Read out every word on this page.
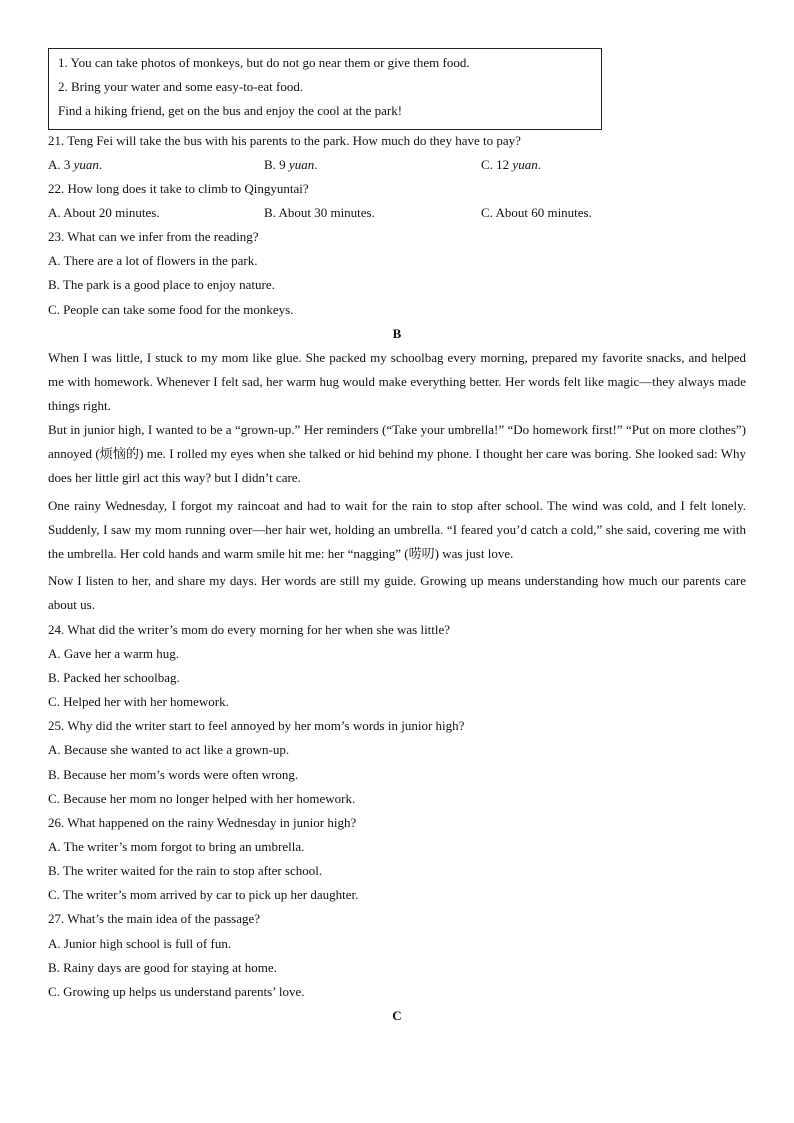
1. You can take photos of monkeys, but do not go near them or give them food.
2. Bring your water and some easy-to-eat food.
Find a hiking friend, get on the bus and enjoy the cool at the park!
21. Teng Fei will take the bus with his parents to the park. How much do they have to pay?
A. 3 yuan.	B. 9 yuan.	C. 12 yuan.
22. How long does it take to climb to Qingyuntai?
A. About 20 minutes.	B. About 30 minutes.	C. About 60 minutes.
23. What can we infer from the reading?
A. There are a lot of flowers in the park.
B. The park is a good place to enjoy nature.
C. People can take some food for the monkeys.
B
When I was little, I stuck to my mom like glue. She packed my schoolbag every morning, prepared my favorite snacks, and helped me with homework. Whenever I felt sad, her warm hug would make everything better. Her words felt like magic—they always made things right.
But in junior high, I wanted to be a “grown-up.” Her reminders (“Take your umbrella!” “Do homework first!” “Put on more clothes”) annoyed (烦恼的) me. I rolled my eyes when she talked or hid behind my phone. I thought her care was boring. She looked sad: Why does her little girl act this way? but I didn’t care.
One rainy Wednesday, I forgot my raincoat and had to wait for the rain to stop after school. The wind was cold, and I felt lonely. Suddenly, I saw my mom running over—her hair wet, holding an umbrella. “I feared you’d catch a cold,” she said, covering me with the umbrella. Her cold hands and warm smile hit me: her “nagging” (唠叨) was just love.
Now I listen to her, and share my days. Her words are still my guide. Growing up means understanding how much our parents care about us.
24. What did the writer’s mom do every morning for her when she was little?
A. Gave her a warm hug.
B. Packed her schoolbag.
C. Helped her with her homework.
25. Why did the writer start to feel annoyed by her mom’s words in junior high?
A. Because she wanted to act like a grown-up.
B. Because her mom’s words were often wrong.
C. Because her mom no longer helped with her homework.
26. What happened on the rainy Wednesday in junior high?
A. The writer’s mom forgot to bring an umbrella.
B. The writer waited for the rain to stop after school.
C. The writer’s mom arrived by car to pick up her daughter.
27. What’s the main idea of the passage?
A. Junior high school is full of fun.
B. Rainy days are good for staying at home.
C. Growing up helps us understand parents’ love.
C
